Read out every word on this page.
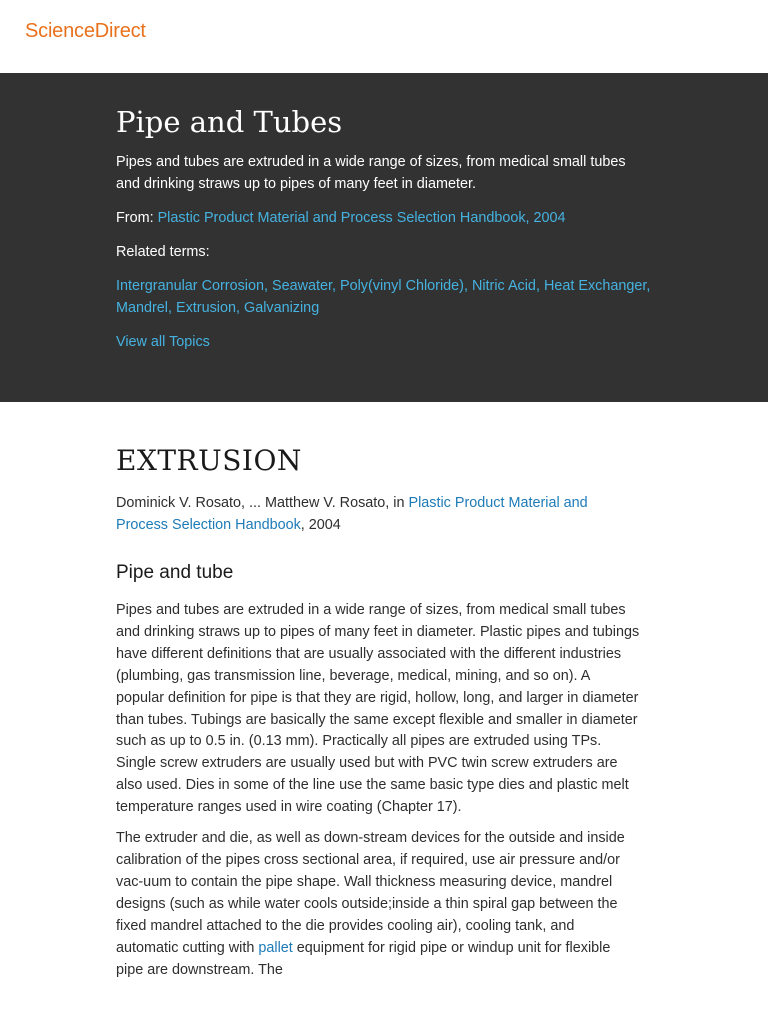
ScienceDirect
Pipe and Tubes

Pipes and tubes are extruded in a wide range of sizes, from medical small tubes and drinking straws up to pipes of many feet in diameter.

From: Plastic Product Material and Process Selection Handbook, 2004

Related terms:

Intergranular Corrosion, Seawater, Poly(vinyl Chloride), Nitric Acid, Heat Exchanger, Mandrel, Extrusion, Galvanizing

View all Topics
EXTRUSION

Dominick V. Rosato, ... Matthew V. Rosato, in Plastic Product Material and Process Selection Handbook, 2004

Pipe and tube

Pipes and tubes are extruded in a wide range of sizes, from medical small tubes and drinking straws up to pipes of many feet in diameter. Plastic pipes and tubings have different definitions that are usually associated with the different industries (plumbing, gas transmission line, beverage, medical, mining, and so on). A popular definition for pipe is that they are rigid, hollow, long, and larger in diameter than tubes. Tubings are basically the same except flexible and smaller in diameter such as up to 0.5 in. (0.13 mm). Practically all pipes are extruded using TPs. Single screw extruders are usually used but with PVC twin screw extruders are also used. Dies in some of the line use the same basic type dies and plastic melt temperature ranges used in wire coating (Chapter 17).

The extruder and die, as well as down-stream devices for the outside and inside calibration of the pipes cross sectional area, if required, use air pressure and/or vac-uum to contain the pipe shape. Wall thickness measuring device, mandrel designs (such as while water cools outside;inside a thin spiral gap between the fixed mandrel attached to the die provides cooling air), cooling tank, and automatic cutting with pallet equipment for rigid pipe or windup unit for flexible pipe are downstream. The
